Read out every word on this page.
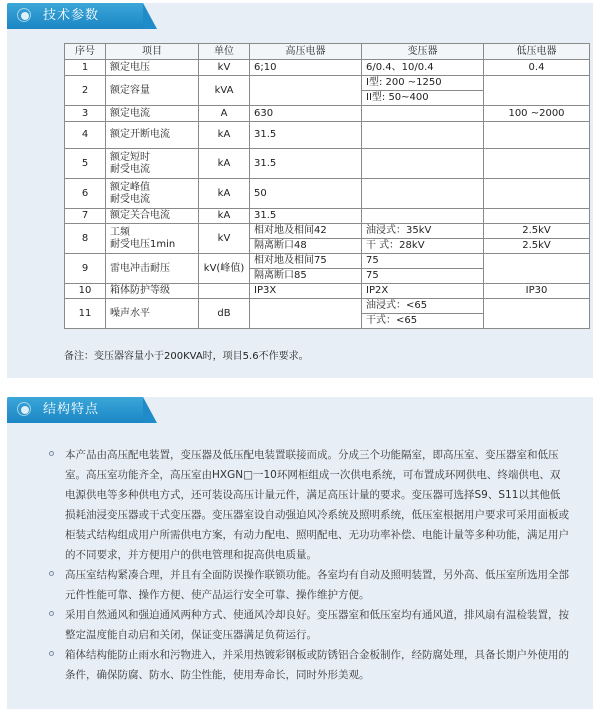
技术参数
序号	项目	单位	高压电器	变压器	低压电器
1	额定电压	kV	6;10	6/0.4、10/0.4	0.4
2	额定容量	kVA		I型: 200 ~1250	
				II型: 50~400	
3	额定电流	A	630		100 ~2000
4	额定开断电流	kA	31.5		
5	额定短时
耐受电流	kA	31.5		
6	额定峰值
耐受电流	kA	50		
7	额定关合电流	kA	31.5		
8	工频
耐受电压1min	kV	相对地及相间42	油浸式：35kV	2.5kV
			隔离断口48	干 式：28kV	2.5kV
9	雷电冲击耐压	kV(峰值)	相对地及相间75	75	
			隔离断口85	75	
10	箱体防护等级		IP3X	IP2X	IP30
11	噪声水平	dB		油浸式：<65	
				干式：<65	
备注：变压器容量小于200KVA时，项目5.6不作要求。
结构特点

本产品由高压配电装置，变压器及低压配电装置联接而成。分成三个功能隔室，即高压室、变压器室和低压室。高压室功能齐全，高压室由HXGN□一10环网柜组成一次供电系统，可布置成环网供电、终端供电、双电源供电等多种供电方式，还可装设高压计量元件，满足高压计量的要求。变压器可选择S9、S11以其他低损耗油浸变压器或干式变压器。变压器室设自动强迫风冷系统及照明系统，低压室根据用户要求可采用面板或柜装式结构组成用户所需供电方案，有动力配电、照明配电、无功功率补偿、电能计量等多种功能，满足用户的不同要求，并方便用户的供电管理和捉高供电质量。

高压室结构紧凑合理，并且有全面防误操作联锁功能。各室均有自动及照明装置，另外高、低压室所选用全部元件性能可靠、操作方便、使产品运行安全可靠、操作维护方便。

采用自然通风和强迫通风两种方式、使通风冷却良好。变压器室和低压室均有通风道，排风扇有温检装置，按整定温度能自动启和关闭，保证变压器满足负荷运行。

箱体结构能防止雨水和污物进入，并采用热镀彩钢板或防锈铝合金板制作，经防腐处理，具备长期户外使用的条件，确保防腐、防水、防尘性能，使用寿命长，同时外形美观。
